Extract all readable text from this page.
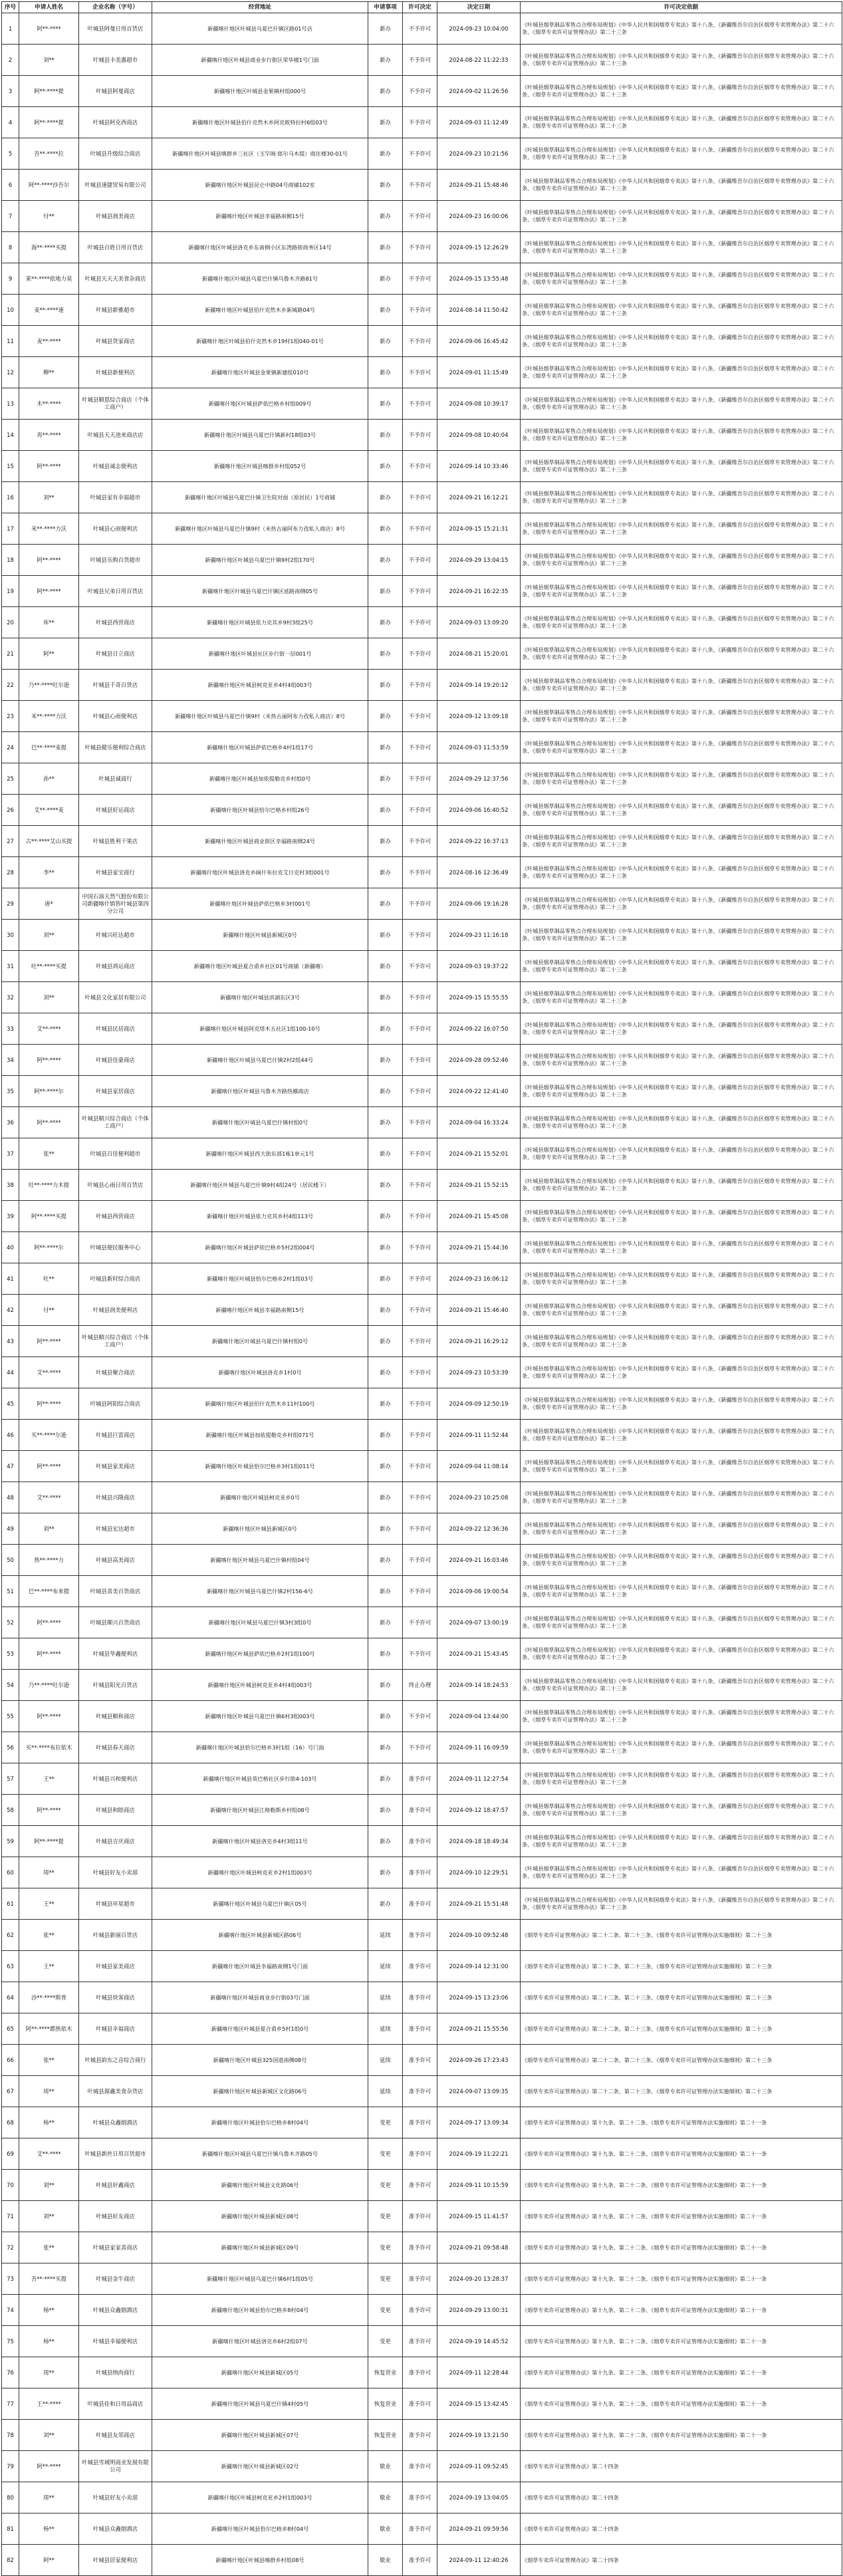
序号	申请人姓名	企业名称（字号）	经营地址	申请事项	许可决定	决定日期	许可决定依据
1	阿**·****	叶城县阿曼日用百货店	新疆喀什地区叶城县乌夏巴什镇区路01号店	新办	不予许可	2024-09-23 10:04:00	《叶城县烟草制品零售点合理布局规划》《中华人民共和国烟草专卖法》第十八条、《新疆维吾尔自治区烟草专卖管理办法》第二十六条、《烟草专卖许可证管理办法》第二十三条
2	刘**	叶城县丰美惠超市	新疆喀什地区叶城县商业步行街区荣华楼1号门面	新办	不予许可	2024-08-22 11:22:33	《叶城县烟草制品零售点合理布局规划》《中华人民共和国烟草专卖法》第十八条、《新疆维吾尔自治区烟草专卖管理办法》第二十六条、《烟草专卖许可证管理办法》第二十三条
3	阿**·****提	叶城县阿曼商店	新疆喀什地区叶城县金果镇村组000号	新办	不予许可	2024-09-02 11:26:56	《叶城县烟草制品零售点合理布局规划》《中华人民共和国烟草专卖法》第十八条、《新疆维吾尔自治区烟草专卖管理办法》第二十六条、《烟草专卖许可证管理办法》第二十三条
4	阿**·****提	叶城县阿克西商店	新疆喀什地区叶城县伯什克然木乡阿克欧特拉村6组03号	新办	不予许可	2024-09-03 11:12:49	《叶城县烟草制品零售点合理布局规划》《中华人民共和国烟草专卖法》第十八条、《新疆维吾尔自治区烟草专卖管理办法》第二十六条、《烟草专卖许可证管理办法》第二十三条
5	吾**·****拉	叶城县升级综合商店	新疆喀什地区叶城县喀群乡三社区（玉罕阁·郎尔马木提）商住楼30-01号	新办	不予许可	2024-09-23 10:21:56	《叶城县烟草制品零售点合理布局规划》《中华人民共和国烟草专卖法》第十八条、《新疆维吾尔自治区烟草专卖管理办法》第二十六条、《烟草专卖许可证管理办法》第二十三条
6	阿**·****沙吾尔	叶城县速捷贸易有限公司	新疆喀什地区叶城县昆仑中路04号商铺102室	新办	不予许可	2024-09-21 15:48:46	《叶城县烟草制品零售点合理布局规划》《中华人民共和国烟草专卖法》第十八条、《新疆维吾尔自治区烟草专卖管理办法》第二十六条、《烟草专卖许可证管理办法》第二十三条
7	付**	叶城县润美商店	新疆喀什地区叶城县幸福路南侧15号	新办	不予许可	2024-09-23 16:00:06	《叶城县烟草制品零售点合理布局规划》《中华人民共和国烟草专卖法》第十八条、《新疆维吾尔自治区烟草专卖管理办法》第二十六条、《烟草专卖许可证管理办法》第二十三条
8	海**·****买提	叶城县百姓日用百货店	新疆喀什地区叶城县洛克乡东南侧小区东湾路街商务区14号	新办	不予许可	2024-09-15 12:26:29	《叶城县烟草制品零售点合理布局规划》《中华人民共和国烟草专卖法》第十八条、《新疆维吾尔自治区烟草专卖管理办法》第二十六条、《烟草专卖许可证管理办法》第二十三条
9	莱**·****依地力莫	叶城县天天天美食杂商店	新疆喀什地区叶城县乌夏巴什镇乌鲁木齐路81号	新办	不予许可	2024-09-15 13:55:48	《叶城县烟草制品零售点合理布局规划》《中华人民共和国烟草专卖法》第十八条、《新疆维吾尔自治区烟草专卖管理办法》第二十六条、《烟草专卖许可证管理办法》第二十三条
10	麦**·****速	叶城县新雅超市	新疆喀什地区叶城县伯什克然木乡新城路04号	新办	不予许可	2024-08-14 11:50:42	《叶城县烟草制品零售点合理布局规划》《中华人民共和国烟草专卖法》第十八条、《新疆维吾尔自治区烟草专卖管理办法》第二十六条、《烟草专卖许可证管理办法》第二十三条
11	麦**·****	叶城县货家商店	新疆喀什地区叶城县伯什克然木乡19村1组040-01号	新办	不予许可	2024-09-06 16:45:42	《叶城县烟草制品零售点合理布局规划》《中华人民共和国烟草专卖法》第十八条、《新疆维吾尔自治区烟草专卖管理办法》第二十六条、《烟草专卖许可证管理办法》第二十三条
12	柳**	叶城县新便利店	新疆喀什地区叶城县金果镇新建组010号	新办	不予许可	2024-09-01 11:15:49	《叶城县烟草制品零售点合理布局规划》《中华人民共和国烟草专卖法》第十八条、《新疆维吾尔自治区烟草专卖管理办法》第二十六条、《烟草专卖许可证管理办法》第二十三条
13	木**·****	叶城县顺恩综合商店（个体工商户）	新疆喀什地区叶城县萨依巴格乡村组009号	新办	不予许可	2024-09-08 10:39:17	《叶城县烟草制品零售点合理布局规划》《中华人民共和国烟草专卖法》第十八条、《新疆维吾尔自治区烟草专卖管理办法》第二十六条、《烟草专卖许可证管理办法》第二十三条
14	再**·****	叶城县天天池来商店店	新疆喀什地区叶城县乌夏巴什镇新村18组03号	新办	不予许可	2024-09-08 10:40:04	《叶城县烟草制品零售点合理布局规划》《中华人民共和国烟草专卖法》第十八条、《新疆维吾尔自治区烟草专卖管理办法》第二十六条、《烟草专卖许可证管理办法》第二十三条
15	阿**·****	叶城县诚志便利店	新疆喀什地区叶城县喀群乡村组052号	新办	不予许可	2024-09-14 10:33:46	《叶城县烟草制品零售点合理布局规划》《中华人民共和国烟草专卖法》第十八条、《新疆维吾尔自治区烟草专卖管理办法》第二十六条、《烟草专卖许可证管理办法》第二十三条
16	刘**	叶城县家有幸福超市	新疆喀什地区叶城县乌夏巴什镇卫生院对面（原居民）1号商铺	新办	不予许可	2024-09-21 16:12:21	《叶城县烟草制品零售点合理布局规划》《中华人民共和国烟草专卖法》第十八条、《新疆维吾尔自治区烟草专卖管理办法》第二十六条、《烟草专卖许可证管理办法》第二十三条
17	米**·****力沃	叶城县心雨便利店	新疆喀什地区叶城县乌夏巴什镇9村（米热古丽阿布力孜私人商店）8号	新办	不予许可	2024-09-15 15:21:31	《叶城县烟草制品零售点合理布局规划》《中华人民共和国烟草专卖法》第十八条、《新疆维吾尔自治区烟草专卖管理办法》第二十六条、《烟草专卖许可证管理办法》第二十三条
18	阿**·****	叶城县乐购百货超市	新疆喀什地区叶城县乌夏巴什镇9村2组170号	新办	不予许可	2024-09-29 13:04:15	《叶城县烟草制品零售点合理布局规划》《中华人民共和国烟草专卖法》第十八条、《新疆维吾尔自治区烟草专卖管理办法》第二十六条、《烟草专卖许可证管理办法》第二十三条
19	阿**·****	叶城县兄弟日用百货店	新疆喀什地区叶城县乌夏巴什镇区延路南侧05号	新办	不予许可	2024-09-21 16:22:35	《叶城县烟草制品零售点合理布局规划》《中华人民共和国烟草专卖法》第十八条、《新疆维吾尔自治区烟草专卖管理办法》第二十六条、《烟草专卖许可证管理办法》第二十三条
20	库**	叶城县西营商店	新疆喀什地区叶城县依力克其乡9村3组25号	新办	不予许可	2024-09-03 13:09:20	《叶城县烟草制品零售点合理布局规划》《中华人民共和国烟草专卖法》第十八条、《新疆维吾尔自治区烟草专卖管理办法》第二十六条、《烟草专卖许可证管理办法》第二十三条
21	阿**	叶城县日立商店	新疆喀什地区叶城县社区步行街一层001号	新办	不予许可	2024-08-21 15:20:01	《叶城县烟草制品零售点合理布局规划》《中华人民共和国烟草专卖法》第十八条、《新疆维吾尔自治区烟草专卖管理办法》第二十六条、《烟草专卖许可证管理办法》第二十三条
22	乃**·****吐尔逊	叶城县千奇百货店	新疆喀什地区叶城县柯克亚乡4村4组003号	新办	不予许可	2024-09-14 19:20:12	《叶城县烟草制品零售点合理布局规划》《中华人民共和国烟草专卖法》第十八条、《新疆维吾尔自治区烟草专卖管理办法》第二十六条、《烟草专卖许可证管理办法》第二十三条
23	米**·****力沃	叶城县心雨便利店	新疆喀什地区叶城县乌夏巴什镇9村（米热古丽阿布力孜私人商店）8号	新办	不予许可	2024-09-12 13:09:18	《叶城县烟草制品零售点合理布局规划》《中华人民共和国烟草专卖法》第十八条、《新疆维吾尔自治区烟草专卖管理办法》第二十六条、《烟草专卖许可证管理办法》第二十三条
24	巴**·****麦提	叶城县健乐便利综合商店	新疆喀什地区叶城县萨依巴格乡4村1组17号	新办	不予许可	2024-09-03 11:53:59	《叶城县烟草制品零售点合理布局规划》《中华人民共和国烟草专卖法》第十八条、《新疆维吾尔自治区烟草专卖管理办法》第二十六条、《烟草专卖许可证管理办法》第二十三条
25	孙**	叶城县诚商行	新疆喀什地区叶城县加依提勒克乡村组0号	新办	不予许可	2024-09-29 12:37:56	《叶城县烟草制品零售点合理布局规划》《中华人民共和国烟草专卖法》第十八条、《新疆维吾尔自治区烟草专卖管理办法》第二十六条、《烟草专卖许可证管理办法》第二十三条
26	艾**·****麦	叶城县好运商店	新疆喀什地区叶城县恰尔巴格乡村组26号	新办	不予许可	2024-09-06 16:40:52	《叶城县烟草制品零售点合理布局规划》《中华人民共和国烟草专卖法》第十八条、《新疆维吾尔自治区烟草专卖管理办法》第二十六条、《烟草专卖许可证管理办法》第二十三条
27	古**·****艾山买提	叶城县胜利干果店	新疆喀什地区叶城县商业街区幸福路南侧24号	新办	不予许可	2024-09-22 16:37:13	《叶城县烟草制品零售点合理布局规划》《中华人民共和国烟草专卖法》第十八条、《新疆维吾尔自治区烟草专卖管理办法》第二十六条、《烟草专卖许可证管理办法》第二十三条
28	李**	叶城县家宝商行	新疆喀什地区叶城县洛克乡阔什布拉克艾日克村3组001号	新办	不予许可	2024-08-16 12:36:49	《叶城县烟草制品零售点合理布局规划》《中华人民共和国烟草专卖法》第十八条、《新疆维吾尔自治区烟草专卖管理办法》第二十六条、《烟草专卖许可证管理办法》第二十三条
29	唐*	中国石油天然气股份有限公司新疆喀什销售叶城县第四分公司	新疆喀什地区叶城县萨依巴格乡3村001号	新办	不予许可	2024-09-06 19:16:28	《叶城县烟草制品零售点合理布局规划》《中华人民共和国烟草专卖法》第十八条、《新疆维吾尔自治区烟草专卖管理办法》第二十六条、《烟草专卖许可证管理办法》第二十三条
30	刘**	叶城兴旺达超市	新疆喀什地区叶城县新城区0号	新办	不予许可	2024-09-23 11:16:18	《叶城县烟草制品零售点合理布局规划》《中华人民共和国烟草专卖法》第十八条、《新疆维吾尔自治区烟草专卖管理办法》第二十六条、《烟草专卖许可证管理办法》第二十三条
31	吐**·****买提	叶城县鸿运商店	新疆喀什地区叶城县夏合甫乡社区01号商铺（新疆喀）	新办	不予许可	2024-09-03 19:37:22	《叶城县烟草制品零售点合理布局规划》《中华人民共和国烟草专卖法》第十八条、《新疆维吾尔自治区烟草专卖管理办法》第二十六条、《烟草专卖许可证管理办法》第二十三条
32	刘**	叶城县文化家居有限公司	新疆喀什地区叶城县滨湖东区3号	新办	不予许可	2024-09-15 15:55:55	《叶城县烟草制品零售点合理布局规划》《中华人民共和国烟草专卖法》第十八条、《新疆维吾尔自治区烟草专卖管理办法》第二十六条、《烟草专卖许可证管理办法》第二十三条
33	艾**·****	叶城县民居商店	新疆喀什地区叶城县阿克塔木五社区1组100-10号	新办	不予许可	2024-09-22 16:07:50	《叶城县烟草制品零售点合理布局规划》《中华人民共和国烟草专卖法》第十八条、《新疆维吾尔自治区烟草专卖管理办法》第二十六条、《烟草专卖许可证管理办法》第二十三条
34	阿**·****	叶城县佳豪商店	新疆喀什地区叶城县乌夏巴什镇2村2组44号	新办	不予许可	2024-09-28 09:52:46	《叶城县烟草制品零售点合理布局规划》《中华人民共和国烟草专卖法》第十八条、《新疆维吾尔自治区烟草专卖管理办法》第二十六条、《烟草专卖许可证管理办法》第二十三条
35	阿**·****尔	叶城县家居商店	新疆喀什地区叶城县乌鲁木齐路热娜商店	新办	不予许可	2024-09-22 12:41:40	《叶城县烟草制品零售点合理布局规划》《中华人民共和国烟草专卖法》第十八条、《新疆维吾尔自治区烟草专卖管理办法》第二十六条、《烟草专卖许可证管理办法》第二十三条
36	阿**·****	叶城县顺兴综合商店（个体工商户）	新疆喀什地区叶城县乌夏巴什镇村组0号	新办	不予许可	2024-09-04 16:33:24	《叶城县烟草制品零售点合理布局规划》《中华人民共和国烟草专卖法》第十八条、《新疆维吾尔自治区烟草专卖管理办法》第二十六条、《烟草专卖许可证管理办法》第二十三条
37	张**	叶城县百佳便利超市	新疆喀什地区叶城县西大街东部1栋1单元1号	新办	不予许可	2024-09-21 15:52:01	《叶城县烟草制品零售点合理布局规划》《中华人民共和国烟草专卖法》第十八条、《新疆维吾尔自治区烟草专卖管理办法》第二十六条、《烟草专卖许可证管理办法》第二十三条
38	吐**·****力木提	叶城县心雨日用百货店	新疆喀什地区叶城县乌夏巴什镇9村4组24号（居民楼下）	新办	不予许可	2024-09-21 15:52:15	《叶城县烟草制品零售点合理布局规划》《中华人民共和国烟草专卖法》第十八条、《新疆维吾尔自治区烟草专卖管理办法》第二十六条、《烟草专卖许可证管理办法》第二十三条
39	阿**·****买提	叶城县西营商店	新疆喀什地区叶城县依力克其乡村4组113号	新办	不予许可	2024-09-21 15:45:08	《叶城县烟草制品零售点合理布局规划》《中华人民共和国烟草专卖法》第十八条、《新疆维吾尔自治区烟草专卖管理办法》第二十六条、《烟草专卖许可证管理办法》第二十三条
40	阿**·****尔	叶城县便民服务中心	新疆喀什地区叶城县萨依巴格乡5村2组004号	新办	不予许可	2024-09-21 15:44:36	《叶城县烟草制品零售点合理布局规划》《中华人民共和国烟草专卖法》第十八条、《新疆维吾尔自治区烟草专卖管理办法》第二十六条、《烟草专卖许可证管理办法》第二十三条
41	吐**	叶城县新时综合商店	新疆喀什地区叶城县恰尔巴格乡2村1组03号	新办	不予许可	2024-09-23 16:06:12	《叶城县烟草制品零售点合理布局规划》《中华人民共和国烟草专卖法》第十八条、《新疆维吾尔自治区烟草专卖管理办法》第二十六条、《烟草专卖许可证管理办法》第二十三条
42	付**	叶城县润美便利店	新疆喀什地区叶城县幸福路南侧15号	新办	不予许可	2024-09-21 15:46:40	《叶城县烟草制品零售点合理布局规划》《中华人民共和国烟草专卖法》第十八条、《新疆维吾尔自治区烟草专卖管理办法》第二十六条、《烟草专卖许可证管理办法》第二十三条
43	阿**·****	叶城县顺兴综合商店（个体工商户）	新疆喀什地区叶城县乌夏巴什镇村组0号	新办	不予许可	2024-09-21 16:29:12	《叶城县烟草制品零售点合理布局规划》《中华人民共和国烟草专卖法》第十八条、《新疆维吾尔自治区烟草专卖管理办法》第二十六条、《烟草专卖许可证管理办法》第二十三条
44	艾**·****	叶城县聚合商店	新疆喀什地区叶城县洛克乡1村0号	新办	不予许可	2024-09-23 10:53:39	《叶城县烟草制品零售点合理布局规划》《中华人民共和国烟草专卖法》第十八条、《新疆维吾尔自治区烟草专卖管理办法》第二十六条、《烟草专卖许可证管理办法》第二十三条
45	阿**·****	叶城县阿阳综合商店	新疆喀什地区叶城县伯什克然木乡11村100号	新办	不予许可	2024-09-09 12:50:19	《叶城县烟草制品零售点合理布局规划》《中华人民共和国烟草专卖法》第十八条、《新疆维吾尔自治区烟草专卖管理办法》第二十六条、《烟草专卖许可证管理办法》第二十三条
46	买**·****尔逊	叶城县巨富商店	新疆喀什地区叶城县加依提勒克乡村组071号	新办	不予许可	2024-09-11 11:52:44	《叶城县烟草制品零售点合理布局规划》《中华人民共和国烟草专卖法》第十八条、《新疆维吾尔自治区烟草专卖管理办法》第二十六条、《烟草专卖许可证管理办法》第二十三条
47	阿**·****	叶城县家美商店	新疆喀什地区叶城县恰尔巴格乡3村1组011号	新办	不予许可	2024-09-04 11:08:14	《叶城县烟草制品零售点合理布局规划》《中华人民共和国烟草专卖法》第十八条、《新疆维吾尔自治区烟草专卖管理办法》第二十六条、《烟草专卖许可证管理办法》第二十三条
48	艾**·****	叶城县兴隆商店	新疆喀什地区叶城县柯克亚乡0号	新办	不予许可	2024-09-23 10:25:08	《叶城县烟草制品零售点合理布局规划》《中华人民共和国烟草专卖法》第十八条、《新疆维吾尔自治区烟草专卖管理办法》第二十六条、《烟草专卖许可证管理办法》第二十三条
49	刘**	叶城县宏达超市	新疆喀什地区叶城县新城区0号	新办	不予许可	2024-09-22 12:36:36	《叶城县烟草制品零售点合理布局规划》《中华人民共和国烟草专卖法》第十八条、《新疆维吾尔自治区烟草专卖管理办法》第二十六条、《烟草专卖许可证管理办法》第二十三条
50	热**·****力	叶城县高美商店	新疆喀什地区叶城县乌夏巴什镇村组04号	新办	不予许可	2024-09-21 16:03:46	《叶城县烟草制品零售点合理布局规划》《中华人民共和国烟草专卖法》第十八条、《新疆维吾尔自治区烟草专卖管理办法》第二十六条、《烟草专卖许可证管理办法》第二十三条
51	巴**·****布来提	叶城县喜美百货商店	新疆喀什地区叶城县乌夏巴什镇2村156-6号	新办	不予许可	2024-09-06 19:00:54	《叶城县烟草制品零售点合理布局规划》《中华人民共和国烟草专卖法》第十八条、《新疆维吾尔自治区烟草专卖管理办法》第二十六条、《烟草专卖许可证管理办法》第二十三条
52	阿**·****	叶城县顺兴百货商店	新疆喀什地区叶城县乌夏巴什镇3村3组0号	新办	不予许可	2024-09-07 13:00:19	《叶城县烟草制品零售点合理布局规划》《中华人民共和国烟草专卖法》第十八条、《新疆维吾尔自治区烟草专卖管理办法》第二十六条、《烟草专卖许可证管理办法》第二十三条
53	阿**·****	叶城县华鑫便利店	新疆喀什地区叶城县萨依巴格乡2村1组100号	新办	不予许可	2024-09-21 15:43:45	《叶城县烟草制品零售点合理布局规划》《中华人民共和国烟草专卖法》第十八条、《新疆维吾尔自治区烟草专卖管理办法》第二十六条、《烟草专卖许可证管理办法》第二十三条
54	乃**·****吐尔逊	叶城县阳光百货店	新疆喀什地区叶城县柯克亚乡4村4组003号	新办	终止办理	2024-09-14 18:24:53	《叶城县烟草制品零售点合理布局规划》《中华人民共和国烟草专卖法》第十八条、《新疆维吾尔自治区烟草专卖管理办法》第二十六条、《烟草专卖许可证管理办法》第二十三条
55	阿**·****	叶城县顺和商店	新疆喀什地区叶城县乌夏巴什镇6村3组003号	新办	不予许可	2024-09-04 13:44:00	《叶城县烟草制品零售点合理布局规划》《中华人民共和国烟草专卖法》第十八条、《新疆维吾尔自治区烟草专卖管理办法》第二十六条、《烟草专卖许可证管理办法》第二十三条
56	买**·****布拉依木	叶城县春天商店	新疆喀什地区叶城县恰尔巴格乡3村1组（16）号门面	新办	不予许可	2024-09-11 16:09:59	《叶城县烟草制品零售点合理布局规划》《中华人民共和国烟草专卖法》第十八条、《新疆维吾尔自治区烟草专卖管理办法》第二十六条、《烟草专卖许可证管理办法》第二十三条
57	王**	叶城县兴和便利店	新疆喀什地区叶城县英巴格社区步行街4-103号	新办	准予许可	2024-09-11 12:27:54	《叶城县烟草制品零售点合理布局规划》《中华人民共和国烟草专卖法》第十八条、《新疆维吾尔自治区烟草专卖管理办法》第二十六条、《烟草专卖许可证管理办法》第二十三条
58	阿**·****	叶城县和睦商店	新疆喀什地区叶城县江格勒斯乡村组08号	新办	准予许可	2024-09-12 18:47:57	《叶城县烟草制品零售点合理布局规划》《中华人民共和国烟草专卖法》第十八条、《新疆维吾尔自治区烟草专卖管理办法》第二十六条、《烟草专卖许可证管理办法》第二十三条
59	阿**·****提	叶城县吉庆商店	新疆喀什地区叶城县洛克乡4村3组11号	新办	准予许可	2024-09-18 18:49:34	《叶城县烟草制品零售点合理布局规划》《中华人民共和国烟草专卖法》第十八条、《新疆维吾尔自治区烟草专卖管理办法》第二十六条、《烟草专卖许可证管理办法》第二十三条
60	周**	叶城县好友小卖部	新疆喀什地区叶城县柯克亚乡2村1组003号	新办	准予许可	2024-09-10 12:29:51	《叶城县烟草制品零售点合理布局规划》《中华人民共和国烟草专卖法》第十八条、《新疆维吾尔自治区烟草专卖管理办法》第二十六条、《烟草专卖许可证管理办法》第二十三条
61	王**	叶城县环星超市	新疆喀什地区叶城县乌夏巴什镇区05号	新办	准予许可	2024-09-21 15:51:48	《叶城县烟草制品零售点合理布局规划》《中华人民共和国烟草专卖法》第十八条、《新疆维吾尔自治区烟草专卖管理办法》第二十六条、《烟草专卖许可证管理办法》第二十三条
62	张**	叶城县新丽百货店	新疆喀什地区叶城县新城区路06号	延续	准予许可	2024-09-10 09:52:48	《烟草专卖许可证管理办法》第二十二条、第二十三条、《烟草专卖许可证管理办法实施细则》第二十三条
63	王**	叶城县家美商店	新疆喀什地区叶城县幸福路南侧1号门面	延续	准予许可	2024-09-14 12:31:00	《烟草专卖许可证管理办法》第二十二条、第二十三条、《烟草专卖许可证管理办法实施细则》第二十三条
64	沙**·****斯普	叶城县快客商店	新疆喀什地区叶城县商业步行街03号门面	延续	准予许可	2024-09-15 13:23:06	《烟草专卖许可证管理办法》第二十二条、第二十三条、《烟草专卖许可证管理办法实施细则》第二十三条
65	阿**·****都热依木	叶城县幸福商店	新疆喀什地区叶城县夏合甫乡5村1组0号	延续	准予许可	2024-09-21 15:55:56	《烟草专卖许可证管理办法》第二十二条、第二十三条、《烟草专卖许可证管理办法实施细则》第二十三条
66	张**	叶城县韵东之音综合商行	新疆喀什地区叶城县325国道南侧08号	延续	准予许可	2024-09-26 17:23:43	《烟草专卖许可证管理办法》第二十二条、第二十三条、《烟草专卖许可证管理办法实施细则》第二十三条
67	周**	叶城县源鑫美食杂货店	新疆喀什地区叶城县新城区文化路06号	延续	准予许可	2024-09-07 13:09:35	《烟草专卖许可证管理办法》第二十二条、第二十三条、《烟草专卖许可证管理办法实施细则》第二十三条
68	杨**	叶城县众鑫烟酒店	新疆喀什地区叶城县恰尔巴格乡8村04号	变更	准予许可	2024-09-17 13:09:34	《烟草专卖许可证管理办法》第十九条、第二十二条、《烟草专卖许可证管理办法实施细则》第二十一条
69	艾**·****	叶城县新丝日用百货超市	新疆喀什地区叶城县乌夏巴什镇乌鲁木齐路05号	变更	准予许可	2024-09-19 11:22:21	《烟草专卖许可证管理办法》第十九条、第二十二条、《烟草专卖许可证管理办法实施细则》第二十一条
70	刘**	叶城县好鑫商店	新疆喀什地区叶城县文化路06号	变更	准予许可	2024-09-11 10:15:59	《烟草专卖许可证管理办法》第十九条、第二十二条、《烟草专卖许可证管理办法实施细则》第二十一条
71	刘**	叶城县好友商店	新疆喀什地区叶城县新城区08号	变更	准予许可	2024-09-15 11:41:57	《烟草专卖许可证管理办法》第十九条、第二十二条、《烟草专卖许可证管理办法实施细则》第二十一条
72	张**	叶城县家家喜商店	新疆喀什地区叶城县新城区09号	变更	准予许可	2024-09-21 09:58:48	《烟草专卖许可证管理办法》第十九条、第二十二条、《烟草专卖许可证管理办法实施细则》第二十一条
73	吾**·****买提	叶城县金牛商店	新疆喀什地区叶城县乌夏巴什镇6村1组05号	变更	准予许可	2024-09-20 13:28:37	《烟草专卖许可证管理办法》第十九条、第二十二条、《烟草专卖许可证管理办法实施细则》第二十一条
74	杨**	叶城县众鑫烟酒店	新疆喀什地区叶城县恰尔巴格乡8村04号	变更	准予许可	2024-09-29 13:00:31	《烟草专卖许可证管理办法》第十九条、第二十二条、《烟草专卖许可证管理办法实施细则》第二十一条
75	杨**	叶城县幸福便利店	新疆喀什地区叶城县洛克乡6村2组07号	变更	准予许可	2024-09-19 14:45:52	《烟草专卖许可证管理办法》第十九条、第二十二条、《烟草专卖许可证管理办法实施细则》第二十一条
76	周**	叶城县纳尚商行	新疆喀什地区叶城县新城区05号	恢复营业	准予许可	2024-09-11 12:28:44	《烟草专卖许可证管理办法》第十九条、第二十二条、《烟草专卖许可证管理办法实施细则》第二十一条
77	王**·****	叶城县佳和日用品商店	新疆喀什地区叶城县乌夏巴什镇4村05号	恢复营业	准予许可	2024-09-15 13:42:45	《烟草专卖许可证管理办法》第十九条、第二十二条、《烟草专卖许可证管理办法实施细则》第二十一条
78	刘**	叶城县友邻商店	新疆喀什地区叶城县新城区07号	恢复营业	准予许可	2024-09-19 13:21:50	《烟草专卖许可证管理办法》第十九条、第二十二条、《烟草专卖许可证管理办法实施细则》第二十一条
79	阿**·****	叶城县雪域明商业发展有限公司	新疆喀什地区叶城县新城区02号	歇业	准予许可	2024-09-11 09:52:45	《烟草专卖许可证管理办法》第二十四条
80	周**	叶城县好友小卖部	新疆喀什地区叶城县柯克亚乡2村1组003号	歇业	准予许可	2024-09-19 13:04:05	《烟草专卖许可证管理办法》第二十四条
81	杨**	叶城县众鑫烟酒店	新疆喀什地区叶城县恰尔巴格乡8村04号	歇业	准予许可	2024-09-21 09:59:56	《烟草专卖许可证管理办法》第二十四条
82	阿**	叶城县居家便利店	新疆喀什地区叶城县喀群乡村组08号	歇业	准予许可	2024-09-11 12:40:26	《烟草专卖许可证管理办法》第二十四条
